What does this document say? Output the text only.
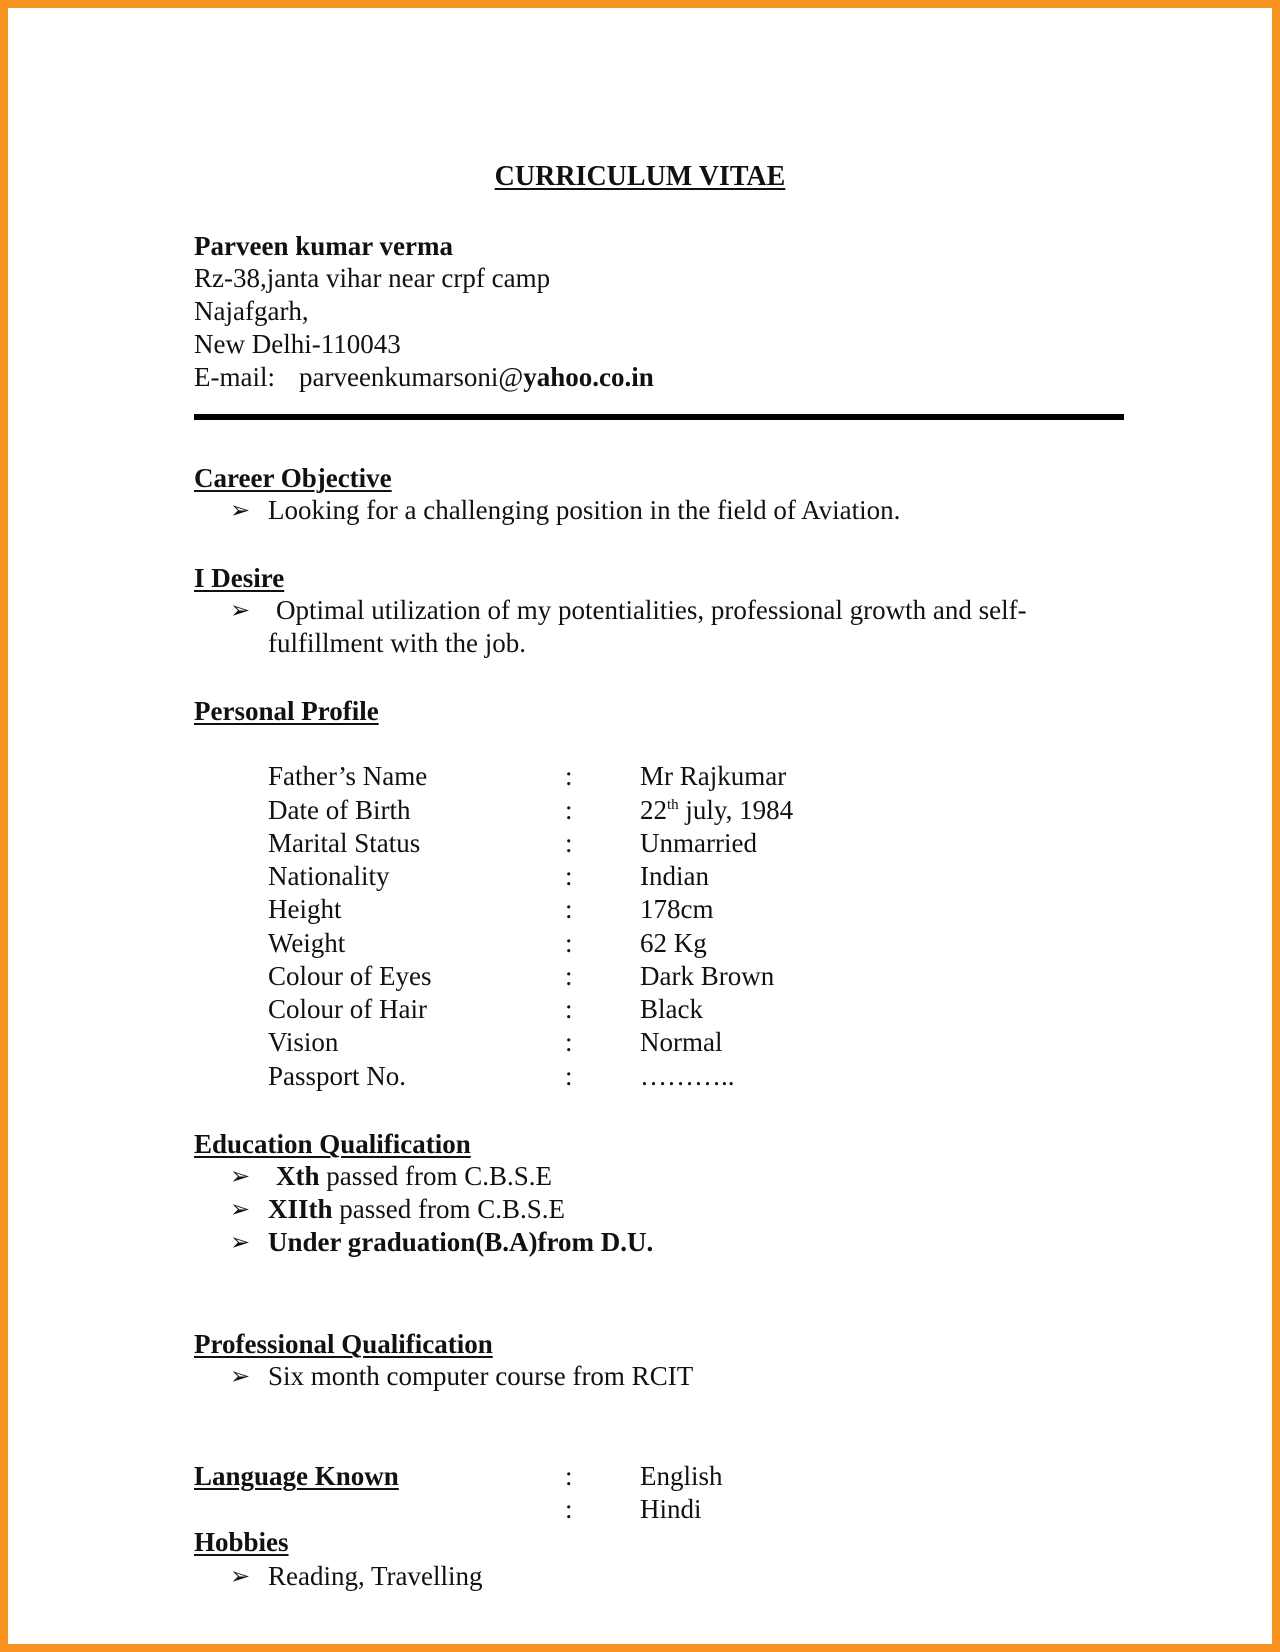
CURRICULUM VITAE
Parveen kumar verma
Rz-38,janta vihar near crpf camp
Najafgarh,
New Delhi-110043
E-mail: parveenkumarsoni@yahoo.co.in
Career Objective
➢ Looking for a challenging position in the field of Aviation.
I Desire
➢ Optimal utilization of my potentialities, professional growth and self-
fulfillment with the job.
Personal Profile
Father’s Name	: Mr Rajkumar
Date of Birth	: 22th july, 1984
Marital Status	: Unmarried
Nationality	: Indian
Height	: 178cm
Weight	: 62 Kg
Colour of Eyes	: Dark Brown
Colour of Hair	: Black
Vision	: Normal
Passport No.	: ………..
Education Qualification
➢ Xth passed from C.B.S.E
➢ XIIth passed from C.B.S.E
➢ Under graduation(B.A)from D.U.
Professional Qualification
➢ Six month computer course from RCIT
Language Known	: English
: Hindi
Hobbies
➢ Reading, Travelling
